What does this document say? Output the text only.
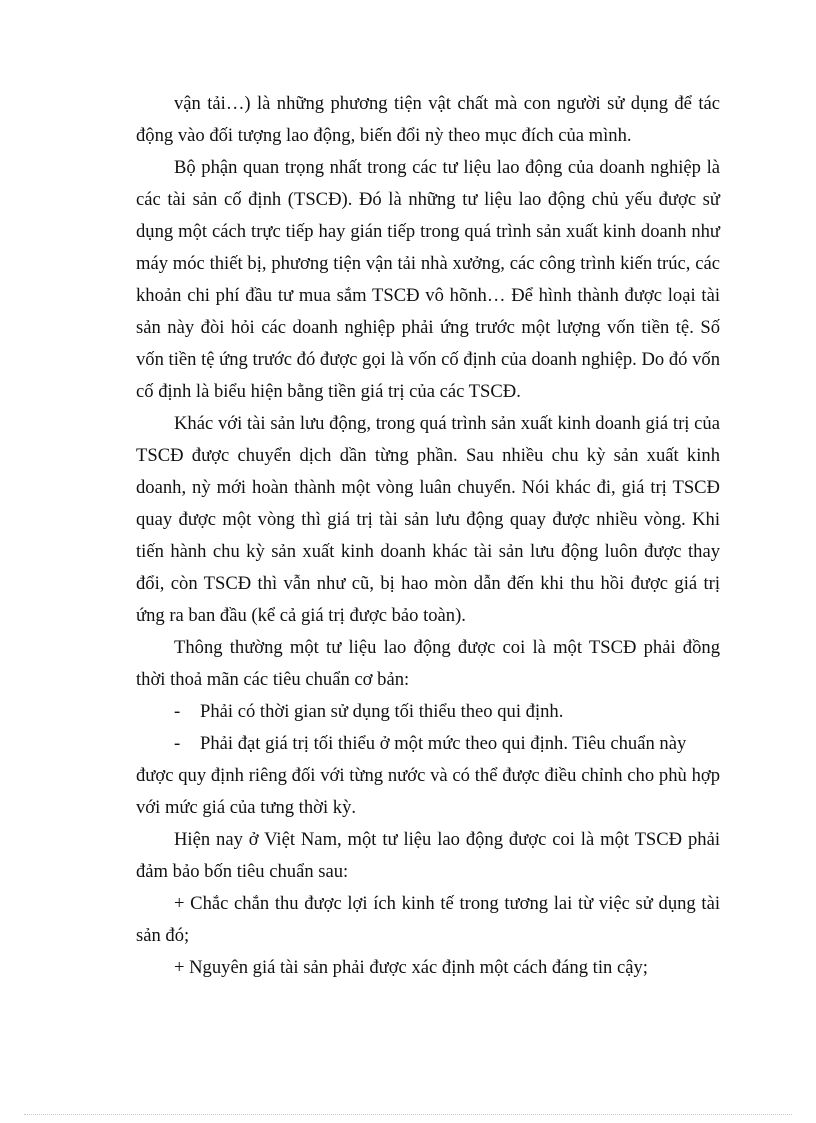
vận tải…) là những phương tiện vật chất mà con người sử dụng để tác động vào đối tượng lao động, biến đổi nỳ theo mục đích của mình.

Bộ phận quan trọng nhất trong các tư liệu lao động của doanh nghiệp là các tài sản cố định (TSCĐ). Đó là những tư liệu lao động chủ yếu được sử dụng một cách trực tiếp hay gián tiếp trong quá trình sản xuất kinh doanh như máy móc thiết bị, phương tiện vận tải nhà xưởng, các công trình kiến trúc, các khoản chi phí đầu tư mua sắm TSCĐ vô hõnh… Để hình thành được loại tài sản này đòi hỏi các doanh nghiệp phải ứng trước một lượng vốn tiền tệ. Số vốn tiền tệ ứng trước đó được gọi là vốn cố định của doanh nghiệp. Do đó vốn cố định là biểu hiện bằng tiền giá trị của các TSCĐ.

Khác với tài sản lưu động, trong quá trình sản xuất kinh doanh giá trị của TSCĐ được chuyển dịch dần từng phần. Sau nhiều chu kỳ sản xuất kinh doanh, nỳ mới hoàn thành một vòng luân chuyển. Nói khác đi, giá trị TSCĐ quay được một vòng thì giá trị tài sản lưu động quay được nhiều vòng. Khi tiến hành chu kỳ sản xuất kinh doanh khác tài sản lưu động luôn được thay đổi, còn TSCĐ thì vẫn như cũ, bị hao mòn dẫn đến khi thu hồi được giá trị ứng ra ban đầu (kể cả giá trị được bảo toàn).

Thông thường một tư liệu lao động được coi là một TSCĐ phải đồng thời thoả mãn các tiêu chuẩn cơ bản:

- Phải có thời gian sử dụng tối thiểu theo qui định.

- Phải đạt giá trị tối thiểu ở một mức theo qui định. Tiêu chuẩn này

được quy định riêng đối với từng nước và có thể được điều chỉnh cho phù hợp với mức giá của tưng thời kỳ.

Hiện nay ở Việt Nam, một tư liệu lao động được coi là một TSCĐ phải đảm bảo bốn tiêu chuẩn sau:

+ Chắc chắn thu được lợi ích kinh tế trong tương lai từ việc sử dụng tài sản đó;

+ Nguyên giá tài sản phải được xác định một cách đáng tin cậy;
